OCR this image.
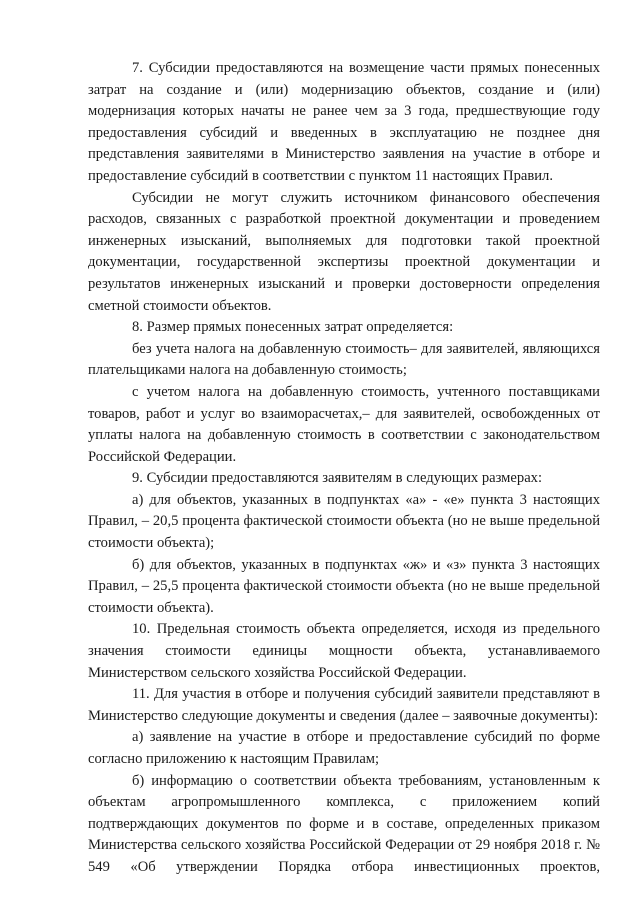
7. Субсидии предоставляются на возмещение части прямых понесенных затрат на создание и (или) модернизацию объектов, создание и (или) модернизация которых начаты не ранее чем за 3 года, предшествующие году предоставления субсидий и введенных в эксплуатацию не позднее дня представления заявителями в Министерство заявления на участие в отборе и предоставление субсидий в соответствии с пунктом 11 настоящих Правил.

Субсидии не могут служить источником финансового обеспечения расходов, связанных с разработкой проектной документации и проведением инженерных изысканий, выполняемых для подготовки такой проектной документации, государственной экспертизы проектной документации и результатов инженерных изысканий и проверки достоверности определения сметной стоимости объектов.

8. Размер прямых понесенных затрат определяется:

без учета налога на добавленную стоимость– для заявителей, являющихся плательщиками налога на добавленную стоимость;

с учетом налога на добавленную стоимость, учтенного поставщиками товаров, работ и услуг во взаиморасчетах,– для заявителей, освобожденных от уплаты налога на добавленную стоимость в соответствии с законодательством Российской Федерации.

9. Субсидии предоставляются заявителям в следующих размерах:

а) для объектов, указанных в подпунктах «а» - «е» пункта 3 настоящих Правил, – 20,5 процента фактической стоимости объекта (но не выше предельной стоимости объекта);

б) для объектов, указанных в подпунктах «ж» и «з» пункта 3 настоящих Правил, – 25,5 процента фактической стоимости объекта (но не выше предельной стоимости объекта).

10. Предельная стоимость объекта определяется, исходя из предельного значения стоимости единицы мощности объекта, устанавливаемого Министерством сельского хозяйства Российской Федерации.

11. Для участия в отборе и получения субсидий заявители представляют в Министерство следующие документы и сведения (далее – заявочные документы):

а) заявление на участие в отборе и предоставление субсидий по форме согласно приложению к настоящим Правилам;

б) информацию о соответствии объекта требованиям, установленным к объектам агропромышленного комплекса, с приложением копий подтверждающих документов по форме и в составе, определенных приказом Министерства сельского хозяйства Российской Федерации от 29 ноября 2018 г. № 549 «Об утверждении Порядка отбора инвестиционных проектов,
